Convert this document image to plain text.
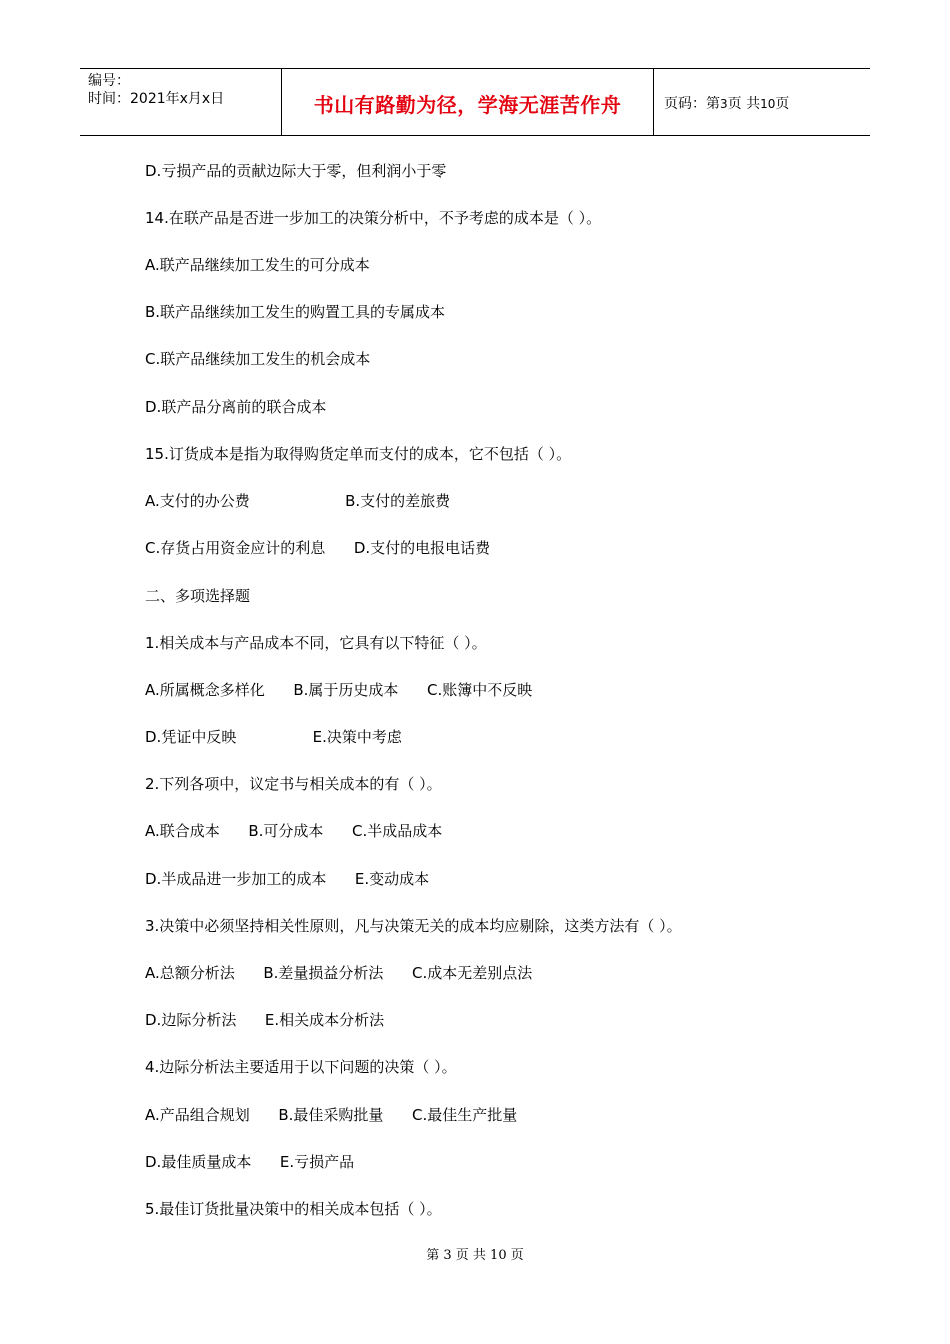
编号：
时间：2021年x月x日	书山有路勤为径，学海无涯苦作舟	页码：第3页 共10页
D.亏损产品的贡献边际大于零，但利润小于零
14.在联产品是否进一步加工的决策分析中，不予考虑的成本是（ ）。
A.联产品继续加工发生的可分成本
B.联产品继续加工发生的购置工具的专属成本
C.联产品继续加工发生的机会成本
D.联产品分离前的联合成本
15.订货成本是指为取得购货定单而支付的成本，它不包括（ ）。
A.支付的办公费                    B.支付的差旅费
C.存货占用资金应计的利息      D.支付的电报电话费
二、多项选择题
1.相关成本与产品成本不同，它具有以下特征（ ）。
A.所属概念多样化      B.属于历史成本      C.账簿中不反映
D.凭证中反映                E.决策中考虑
2.下列各项中，议定书与相关成本的有（ ）。
A.联合成本      B.可分成本      C.半成品成本
D.半成品进一步加工的成本      E.变动成本
3.决策中必须坚持相关性原则，凡与决策无关的成本均应剔除，这类方法有（ ）。
A.总额分析法      B.差量损益分析法      C.成本无差别点法
D.边际分析法      E.相关成本分析法
4.边际分析法主要适用于以下问题的决策（ ）。
A.产品组合规划      B.最佳采购批量      C.最佳生产批量
D.最佳质量成本      E.亏损产品
5.最佳订货批量决策中的相关成本包括（ ）。
第 3 页 共 10 页
